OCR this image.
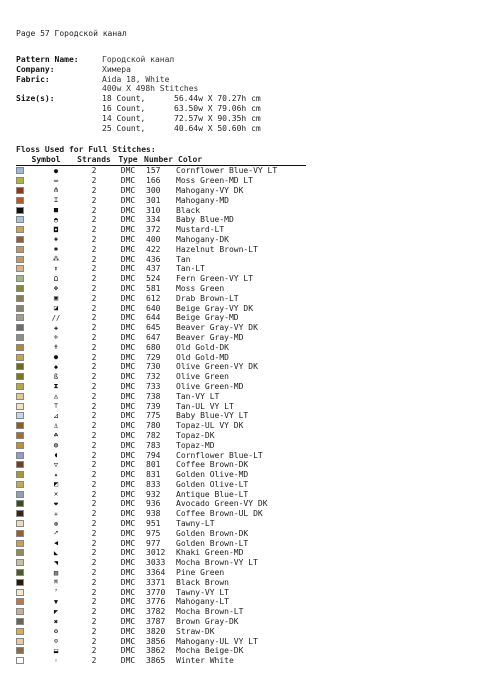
Page 57 Городской канал
Pattern Name:	Городской канал
Company:	Химера
Fabric:	Aida 18, White
400w X 498h Stitches
Size(s):	18 Count,	56.44w X 70.27h cm
16 Count,	63.50w X 79.06h cm
14 Count,	72.57w X 90.35h cm
25 Count,	40.64w X 50.60h cm
Floss Used for Full Stitches:
Symbol	Strands Type Number Color
●	2	DMC	157	Cornflower Blue-VY LT
═	2	DMC	166	Moss Green-MD LT
⋔	2	DMC	300	Mahogany-VY DK
⌶	2	DMC	301	Mahogany-MD
■	2	DMC	310	Black
◓	2	DMC	334	Baby Blue-MD
◘	2	DMC	372	Mustard-LT
◈	2	DMC	400	Mahogany-DK
✱	2	DMC	422	Hazelnut Brown-LT
⁂	2	DMC	436	Tan
⬆	2	DMC	437	Tan-LT
Ω	2	DMC	524	Fern Green-VY LT
✤	2	DMC	581	Moss Green
▣	2	DMC	612	Drab Brown-LT
◪	2	DMC	640	Beige Gray-VY DK
//	2	DMC	644	Beige Gray-MD
✚	2	DMC	645	Beaver Gray-VY DK
✛	2	DMC	647	Beaver Gray-MD
✝	2	DMC	680	Old Gold-DK
●	2	DMC	729	Old Gold-MD
◆	2	DMC	730	Olive Green-VY DK
ß	2	DMC	732	Olive Green
⧗	2	DMC	733	Olive Green-MD
◬	2	DMC	738	Tan-VY LT
⊤	2	DMC	739	Tan-UL VY LT
⊿	2	DMC	775	Baby Blue-VY LT
⚓	2	DMC	780	Topaz-UL VY DK
☘	2	DMC	782	Topaz-DK
◍	2	DMC	783	Topaz-MD
◖	2	DMC	794	Cornflower Blue-LT
▽	2	DMC	801	Coffee Brown-DK
✦	2	DMC	831	Golden Olive-MD
◩	2	DMC	833	Golden Olive-LT
✕	2	DMC	932	Antique Blue-LT
❤	2	DMC	936	Avocado Green-VY DK
✳	2	DMC	938	Coffee Brown-UL DK
⊛	2	DMC	951	Tawny-LT
➚	2	DMC	975	Golden Brown-DK
◀	2	DMC	977	Golden Brown-LT
◣	2	DMC	3012	Khaki Green-MD
◥	2	DMC	3033	Mocha Brown-VY LT
▨	2	DMC	3364	Pine Green
⌘	2	DMC	3371	Black Brown
⁷	2	DMC	3770	Tawny-VY LT
▼	2	DMC	3776	Mahogany-LT
◤	2	DMC	3782	Mocha Brown-LT
✖	2	DMC	3787	Brown Gray-DK
✪	2	DMC	3820	Straw-DK
⊙	2	DMC	3856	Mahogany-UL VY LT
⬓	2	DMC	3862	Mocha Beige-DK
◦	2	DMC	3865	Winter White
